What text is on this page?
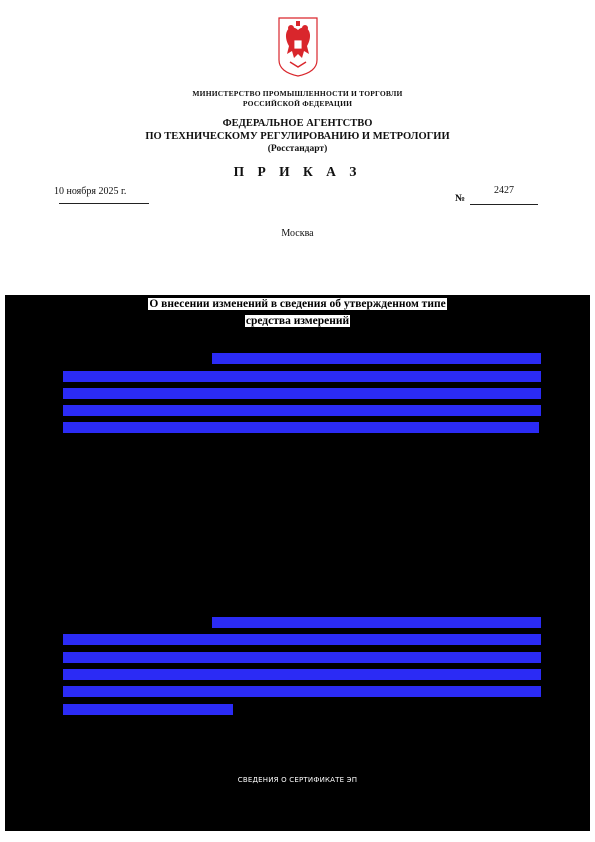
МИНИСТЕРСТВО ПРОМЫШЛЕННОСТИ И ТОРГОВЛИ
РОССИЙСКОЙ ФЕДЕРАЦИИ
ФЕДЕРАЛЬНОЕ АГЕНТСТВО
ПО ТЕХНИЧЕСКОМУ РЕГУЛИРОВАНИЮ И МЕТРОЛОГИИ
(Росстандарт)
П Р И К А З
10 ноября 2025 г.
№
2427
Москва
О внесении изменений в сведения об утвержденном типе
средства измерений
СВЕДЕНИЯ О СЕРТИФИКАТЕ ЭП
